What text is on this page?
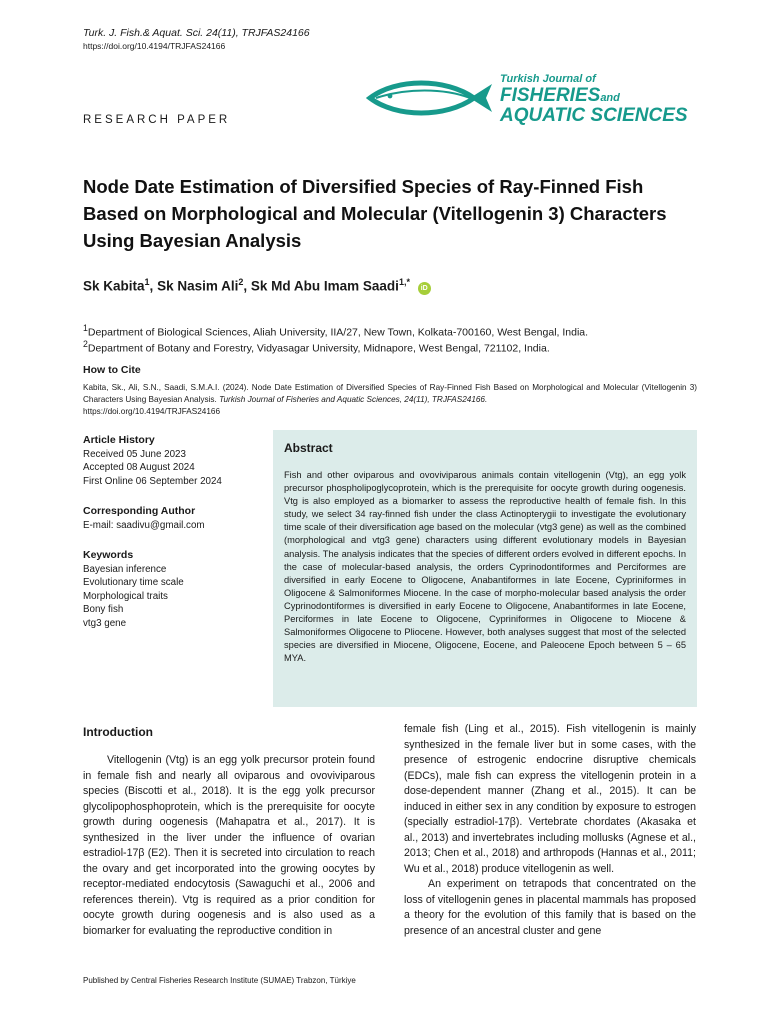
Turk. J. Fish.& Aquat. Sci. 24(11), TRJFAS24166
https://doi.org/10.4194/TRJFAS24166
Turkish Journal of
FISHERIESand
AQUATIC SCIENCES
RESEARCH PAPER
Node Date Estimation of Diversified Species of Ray-Finned Fish Based on Morphological and Molecular (Vitellogenin 3) Characters Using Bayesian Analysis
Sk Kabita$^1$, Sk Nasim Ali$^2$, Sk Md Abu Imam Saadi$^{1,*}$ iD
$^1$Department of Biological Sciences, Aliah University, IIA/27, New Town, Kolkata-700160, West Bengal, India.
$^2$Department of Botany and Forestry, Vidyasagar University, Midnapore, West Bengal, 721102, India.
How to Cite
Kabita, Sk., Ali, S.N., Saadi, S.M.A.I. (2024). Node Date Estimation of Diversified Species of Ray-Finned Fish Based on Morphological and Molecular (Vitellogenin 3) Characters Using Bayesian Analysis. Turkish Journal of Fisheries and Aquatic Sciences, 24(11), TRJFAS24166.
https://doi.org/10.4194/TRJFAS24166
Article History
Received 05 June 2023
Accepted 08 August 2024
First Online 06 September 2024
Corresponding Author
E-mail: saadivu@gmail.com
Keywords
Bayesian inference
Evolutionary time scale
Morphological traits
Bony fish
vtg3 gene
Abstract

Fish and other oviparous and ovoviviparous animals contain vitellogenin (Vtg), an egg yolk precursor phospholipoglycoprotein, which is the prerequisite for oocyte growth during oogenesis. Vtg is also employed as a biomarker to assess the reproductive health of female fish. In this study, we select 34 ray-finned fish under the class Actinopterygii to investigate the evolutionary time scale of their diversification age based on the molecular (vtg3 gene) as well as the combined (morphological and vtg3 gene) characters using different evolutionary models in Bayesian analysis. The analysis indicates that the species of different orders evolved in different epochs. In the case of molecular-based analysis, the orders Cyprinodontiformes and Perciformes are diversified in early Eocene to Oligocene, Anabantiformes in late Eocene, Cypriniformes in Oligocene & Salmoniformes Miocene. In the case of morpho-molecular based analysis the order Cyprinodontiformes is diversified in early Eocene to Oligocene, Anabantiformes in late Eocene, Perciformes in late Eocene to Oligocene, Cypriniformes in Oligocene to Miocene & Salmoniformes Oligocene to Pliocene. However, both analyses suggest that most of the selected species are diversified in Miocene, Oligocene, Eocene, and Paleocene Epoch between 5 – 65 MYA.

Introduction

Vitellogenin (Vtg) is an egg yolk precursor protein found in female fish and nearly all oviparous and ovoviviparous species (Biscotti et al., 2018). It is the egg yolk precursor glycolipophosphoprotein, which is the prerequisite for oocyte growth during oogenesis (Mahapatra et al., 2017). It is synthesized in the liver under the influence of ovarian estradiol-17β (E2). Then it is secreted into circulation to reach the ovary and get incorporated into the growing oocytes by receptor-mediated endocytosis (Sawaguchi et al., 2006 and references therein). Vtg is required as a prior condition for oocyte growth during oogenesis and is also used as a biomarker for evaluating the reproductive condition in

female fish (Ling et al., 2015). Fish vitellogenin is mainly synthesized in the female liver but in some cases, with the presence of estrogenic endocrine disruptive chemicals (EDCs), male fish can express the vitellogenin protein in a dose-dependent manner (Zhang et al., 2015). It can be induced in either sex in any condition by exposure to estrogen (specially estradiol-17β). Vertebrate chordates (Akasaka et al., 2013) and invertebrates including mollusks (Agnese et al., 2013; Chen et al., 2018) and arthropods (Hannas et al., 2011; Wu et al., 2018) produce vitellogenin as well.

An experiment on tetrapods that concentrated on the loss of vitellogenin genes in placental mammals has proposed a theory for the evolution of this family that is based on the presence of an ancestral cluster and gene

Published by Central Fisheries Research Institute (SUMAE) Trabzon, Türkiye
